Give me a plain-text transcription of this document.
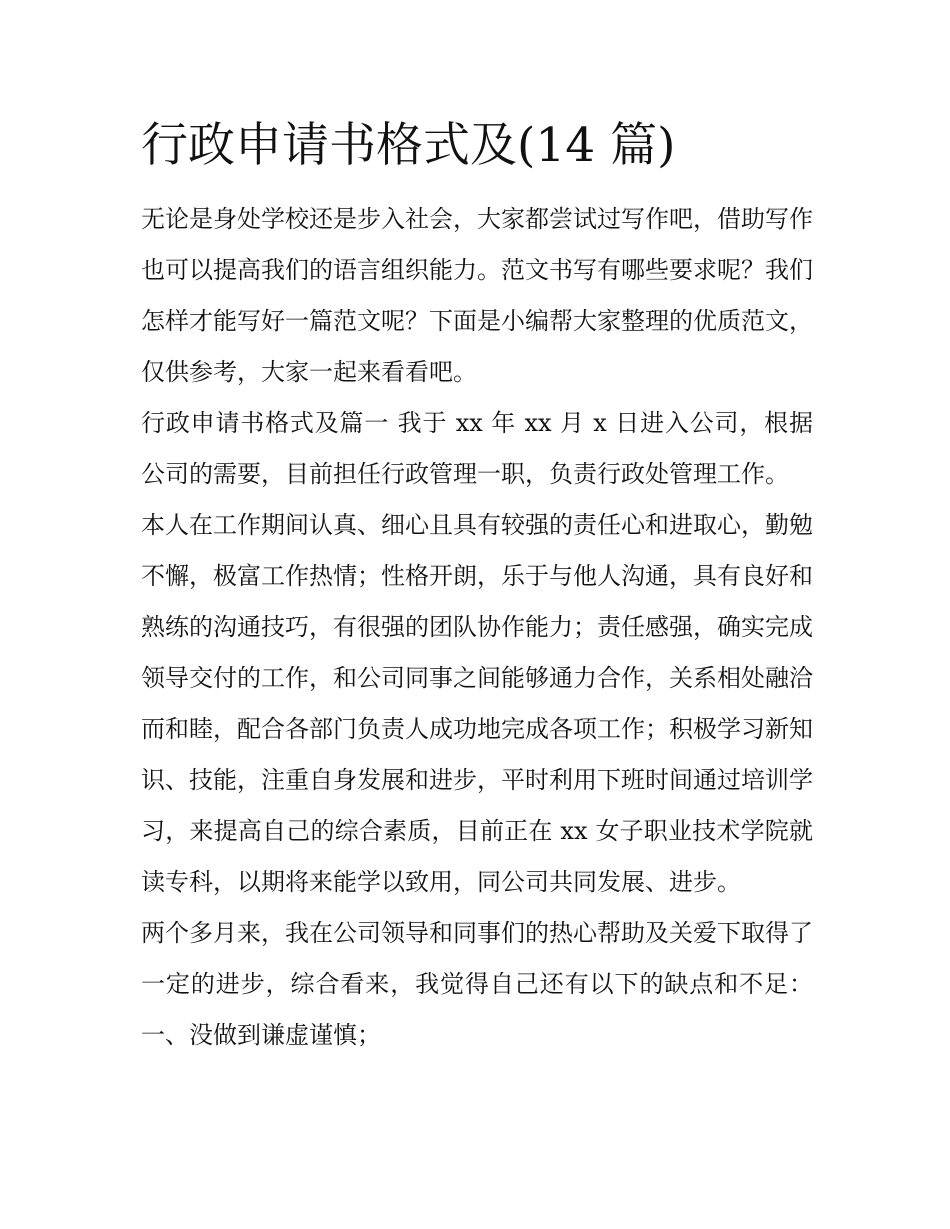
行政申请书格式及(14 篇)

无论是身处学校还是步入社会，大家都尝试过写作吧，借助写作也可以提高我们的语言组织能力。范文书写有哪些要求呢？我们怎样才能写好一篇范文呢？下面是小编帮大家整理的优质范文，仅供参考，大家一起来看看吧。

行政申请书格式及篇一 我于 xx 年 xx 月 x 日进入公司，根据公司的需要，目前担任行政管理一职，负责行政处管理工作。

本人在工作期间认真、细心且具有较强的责任心和进取心，勤勉不懈，极富工作热情；性格开朗，乐于与他人沟通，具有良好和熟练的沟通技巧，有很强的团队协作能力；责任感强，确实完成领导交付的工作，和公司同事之间能够通力合作，关系相处融洽而和睦，配合各部门负责人成功地完成各项工作；积极学习新知识、技能，注重自身发展和进步，平时利用下班时间通过培训学习，来提高自己的综合素质，目前正在 xx 女子职业技术学院就读专科，以期将来能学以致用，同公司共同发展、进步。

两个多月来，我在公司领导和同事们的热心帮助及关爱下取得了一定的进步，综合看来，我觉得自己还有以下的缺点和不足： 一、没做到谦虚谨慎；
